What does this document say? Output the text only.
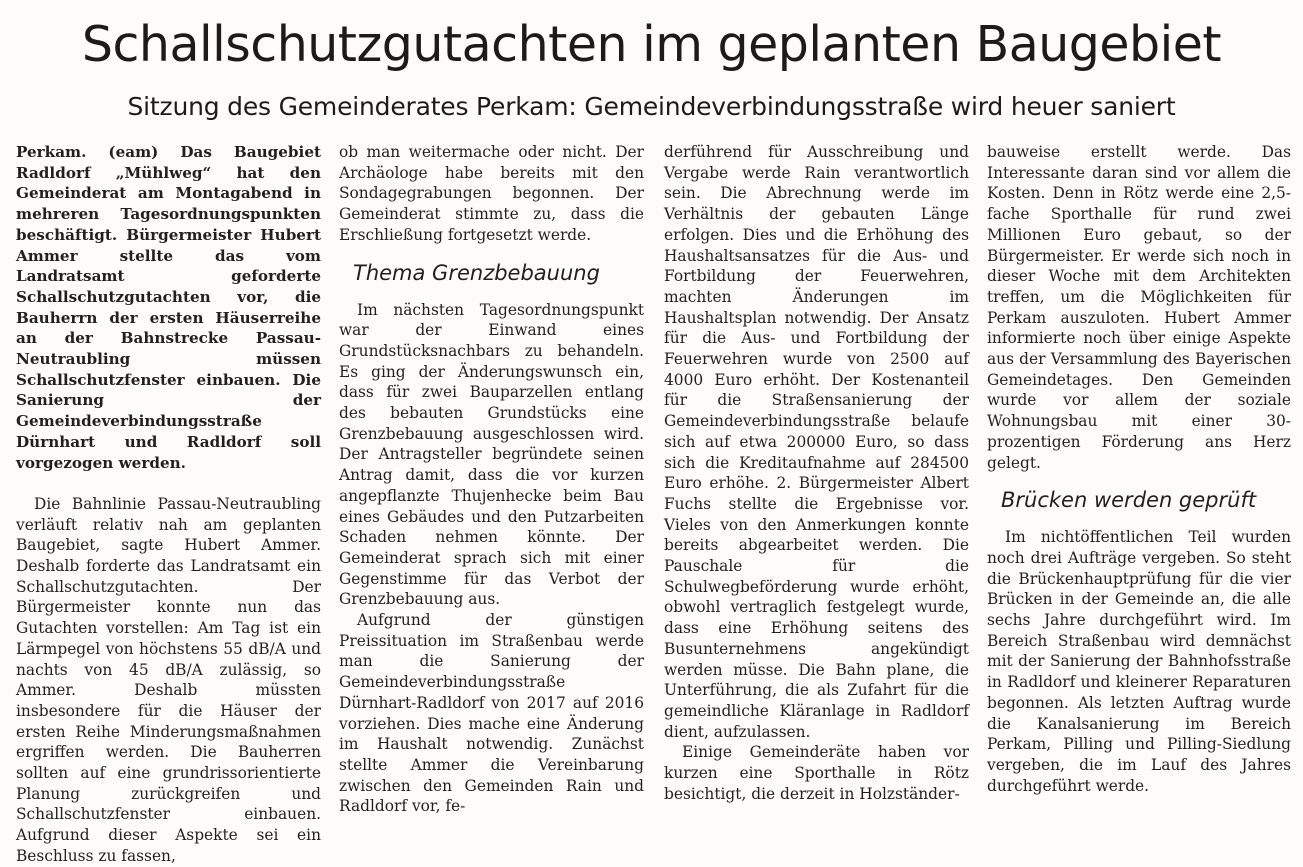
Schallschutzgutachten im geplanten Baugebiet
Sitzung des Gemeinderates Perkam: Gemeindeverbindungsstraße wird heuer saniert

Perkam. (eam) Das Baugebiet Radldorf „Mühlweg“ hat den Gemeinderat am Montagabend in mehreren Tagesordnungspunkten beschäftigt. Bürgermeister Hubert Ammer stellte das vom Landratsamt geforderte Schallschutzgutachten vor, die Bauherrn der ersten Häuserreihe an der Bahnstrecke Passau-Neutraubling müssen Schallschutzfenster einbauen. Die Sanierung der Gemeindeverbindungsstraße Dürnhart und Radldorf soll vorgezogen werden.

Die Bahnlinie Passau-Neutraubling verläuft relativ nah am geplanten Baugebiet, sagte Hubert Ammer. Deshalb forderte das Landratsamt ein Schallschutzgutachten. Der Bürgermeister konnte nun das Gutachten vorstellen: Am Tag ist ein Lärmpegel von höchstens 55 dB/A und nachts von 45 dB/A zulässig, so Ammer. Deshalb müssten insbesondere für die Häuser der ersten Reihe Minderungsmaßnahmen ergriffen werden. Die Bauherren sollten auf eine grundrissorientierte Planung zurückgreifen und Schallschutzfenster einbauen. Aufgrund dieser Aspekte sei ein Beschluss zu fassen,

ob man weitermache oder nicht. Der Archäologe habe bereits mit den Sondagegrabungen begonnen. Der Gemeinderat stimmte zu, dass die Erschließung fortgesetzt werde.

Thema Grenzbebauung

Im nächsten Tagesordnungspunkt war der Einwand eines Grundstücksnachbars zu behandeln. Es ging der Änderungswunsch ein, dass für zwei Bauparzellen entlang des bebauten Grundstücks eine Grenzbebauung ausgeschlossen wird. Der Antragsteller begründete seinen Antrag damit, dass die vor kurzen angepflanzte Thujenhecke beim Bau eines Gebäudes und den Putzarbeiten Schaden nehmen könnte. Der Gemeinderat sprach sich mit einer Gegenstimme für das Verbot der Grenzbebauung aus.

Aufgrund der günstigen Preissituation im Straßenbau werde man die Sanierung der Gemeindeverbindungsstraße Dürnhart-Radldorf von 2017 auf 2016 vorziehen. Dies mache eine Änderung im Haushalt notwendig. Zunächst stellte Ammer die Vereinbarung zwischen den Gemeinden Rain und Radldorf vor, fe-

derführend für Ausschreibung und Vergabe werde Rain verantwortlich sein. Die Abrechnung werde im Verhältnis der gebauten Länge erfolgen. Dies und die Erhöhung des Haushaltsansatzes für die Aus- und Fortbildung der Feuerwehren, machten Änderungen im Haushaltsplan notwendig. Der Ansatz für die Aus- und Fortbildung der Feuerwehren wurde von 2500 auf 4000 Euro erhöht. Der Kostenanteil für die Straßensanierung der Gemeindeverbindungsstraße belaufe sich auf etwa 200000 Euro, so dass sich die Kreditaufnahme auf 284500 Euro erhöhe. 2. Bürgermeister Albert Fuchs stellte die Ergebnisse vor. Vieles von den Anmerkungen konnte bereits abgearbeitet werden. Die Pauschale für die Schulwegbeförderung wurde erhöht, obwohl vertraglich festgelegt wurde, dass eine Erhöhung seitens des Busunternehmens angekündigt werden müsse. Die Bahn plane, die Unterführung, die als Zufahrt für die gemeindliche Kläranlage in Radldorf dient, aufzulassen.

Einige Gemeinderäte haben vor kurzen eine Sporthalle in Rötz besichtigt, die derzeit in Holzständer-

bauweise erstellt werde. Das Interessante daran sind vor allem die Kosten. Denn in Rötz werde eine 2,5-fache Sporthalle für rund zwei Millionen Euro gebaut, so der Bürgermeister. Er werde sich noch in dieser Woche mit dem Architekten treffen, um die Möglichkeiten für Perkam auszuloten. Hubert Ammer informierte noch über einige Aspekte aus der Versammlung des Bayerischen Gemeindetages. Den Gemeinden wurde vor allem der soziale Wohnungsbau mit einer 30-prozentigen Förderung ans Herz gelegt.

Brücken werden geprüft

Im nichtöffentlichen Teil wurden noch drei Aufträge vergeben. So steht die Brückenhauptprüfung für die vier Brücken in der Gemeinde an, die alle sechs Jahre durchgeführt wird. Im Bereich Straßenbau wird demnächst mit der Sanierung der Bahnhofsstraße in Radldorf und kleinerer Reparaturen begonnen. Als letzten Auftrag wurde die Kanalsanierung im Bereich Perkam, Pilling und Pilling-Siedlung vergeben, die im Lauf des Jahres durchgeführt werde.
